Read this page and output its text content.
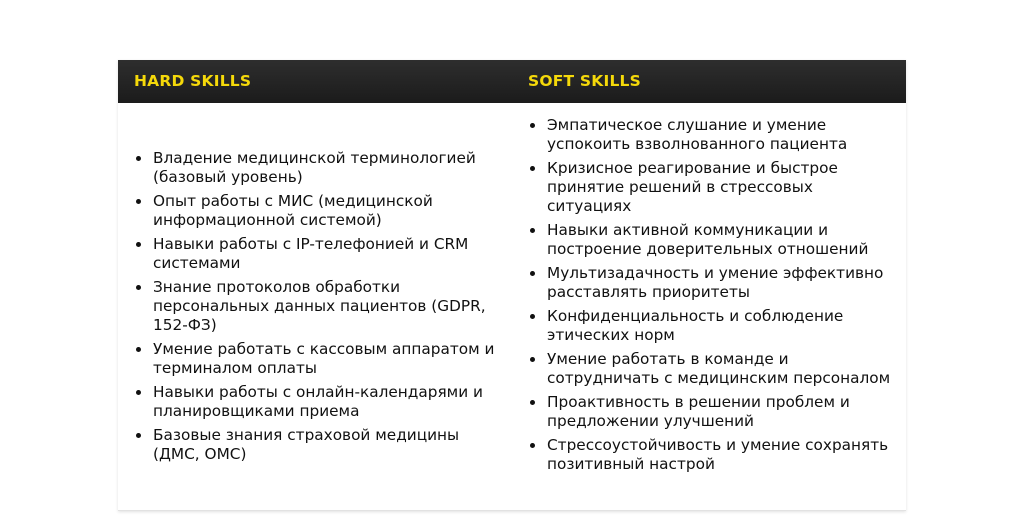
HARD SKILLS	SOFT SKILLS
Владение медицинской терминологией (базовый уровень)
Опыт работы с МИС (медицинской информационной системой)
Навыки работы с IP-телефонией и CRM системами
Знание протоколов обработки персональных данных пациентов (GDPR, 152-ФЗ)
Умение работать с кассовым аппаратом и терминалом оплаты
Навыки работы с онлайн-календарями и планировщиками приема
Базовые знания страховой медицины (ДМС, ОМС)
Эмпатическое слушание и умение успокоить взволнованного пациента
Кризисное реагирование и быстрое принятие решений в стрессовых ситуациях
Навыки активной коммуникации и построение доверительных отношений
Мультизадачность и умение эффективно расставлять приоритеты
Конфиденциальность и соблюдение этических норм
Умение работать в команде и сотрудничать с медицинским персоналом
Проактивность в решении проблем и предложении улучшений
Стрессоустойчивость и умение сохранять позитивный настрой
